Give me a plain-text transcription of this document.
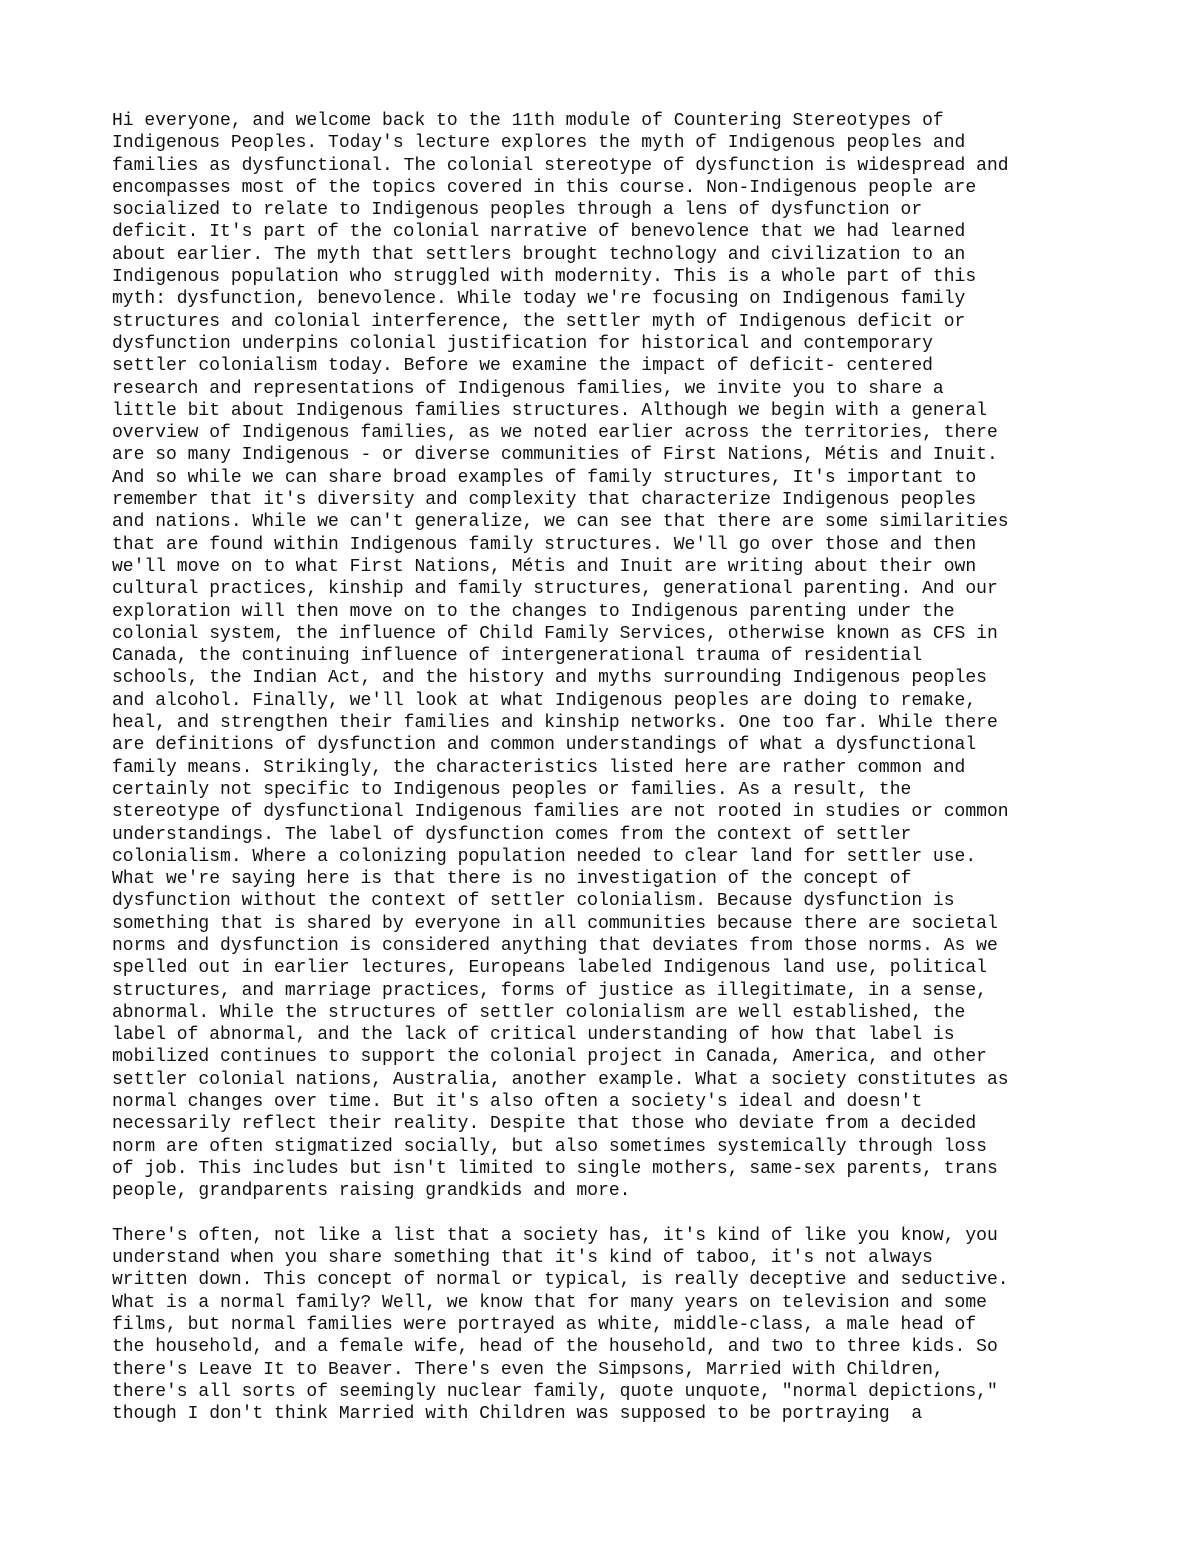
Hi everyone, and welcome back to the 11th module of Countering Stereotypes of
Indigenous Peoples. Today's lecture explores the myth of Indigenous peoples and
families as dysfunctional. The colonial stereotype of dysfunction is widespread and
encompasses most of the topics covered in this course. Non-Indigenous people are
socialized to relate to Indigenous peoples through a lens of dysfunction or
deficit. It's part of the colonial narrative of benevolence that we had learned
about earlier. The myth that settlers brought technology and civilization to an
Indigenous population who struggled with modernity. This is a whole part of this
myth: dysfunction, benevolence. While today we're focusing on Indigenous family
structures and colonial interference, the settler myth of Indigenous deficit or
dysfunction underpins colonial justification for historical and contemporary
settler colonialism today. Before we examine the impact of deficit- centered
research and representations of Indigenous families, we invite you to share a
little bit about Indigenous families structures. Although we begin with a general
overview of Indigenous families, as we noted earlier across the territories, there
are so many Indigenous - or diverse communities of First Nations, Métis and Inuit.
And so while we can share broad examples of family structures, It's important to
remember that it's diversity and complexity that characterize Indigenous peoples
and nations. While we can't generalize, we can see that there are some similarities
that are found within Indigenous family structures. We'll go over those and then
we'll move on to what First Nations, Métis and Inuit are writing about their own
cultural practices, kinship and family structures, generational parenting. And our
exploration will then move on to the changes to Indigenous parenting under the
colonial system, the influence of Child Family Services, otherwise known as CFS in
Canada, the continuing influence of intergenerational trauma of residential
schools, the Indian Act, and the history and myths surrounding Indigenous peoples
and alcohol. Finally, we'll look at what Indigenous peoples are doing to remake,
heal, and strengthen their families and kinship networks. One too far. While there
are definitions of dysfunction and common understandings of what a dysfunctional
family means. Strikingly, the characteristics listed here are rather common and
certainly not specific to Indigenous peoples or families. As a result, the
stereotype of dysfunctional Indigenous families are not rooted in studies or common
understandings. The label of dysfunction comes from the context of settler
colonialism. Where a colonizing population needed to clear land for settler use.
What we're saying here is that there is no investigation of the concept of
dysfunction without the context of settler colonialism. Because dysfunction is
something that is shared by everyone in all communities because there are societal
norms and dysfunction is considered anything that deviates from those norms. As we
spelled out in earlier lectures, Europeans labeled Indigenous land use, political
structures, and marriage practices, forms of justice as illegitimate, in a sense,
abnormal. While the structures of settler colonialism are well established, the
label of abnormal, and the lack of critical understanding of how that label is
mobilized continues to support the colonial project in Canada, America, and other
settler colonial nations, Australia, another example. What a society constitutes as
normal changes over time. But it's also often a society's ideal and doesn't
necessarily reflect their reality. Despite that those who deviate from a decided
norm are often stigmatized socially, but also sometimes systemically through loss
of job. This includes but isn't limited to single mothers, same-sex parents, trans
people, grandparents raising grandkids and more.
There's often, not like a list that a society has, it's kind of like you know, you
understand when you share something that it's kind of taboo, it's not always
written down. This concept of normal or typical, is really deceptive and seductive.
What is a normal family? Well, we know that for many years on television and some
films, but normal families were portrayed as white, middle-class, a male head of
the household, and a female wife, head of the household, and two to three kids. So
there's Leave It to Beaver. There's even the Simpsons, Married with Children,
there's all sorts of seemingly nuclear family, quote unquote, "normal depictions,"
though I don't think Married with Children was supposed to be portraying  a
